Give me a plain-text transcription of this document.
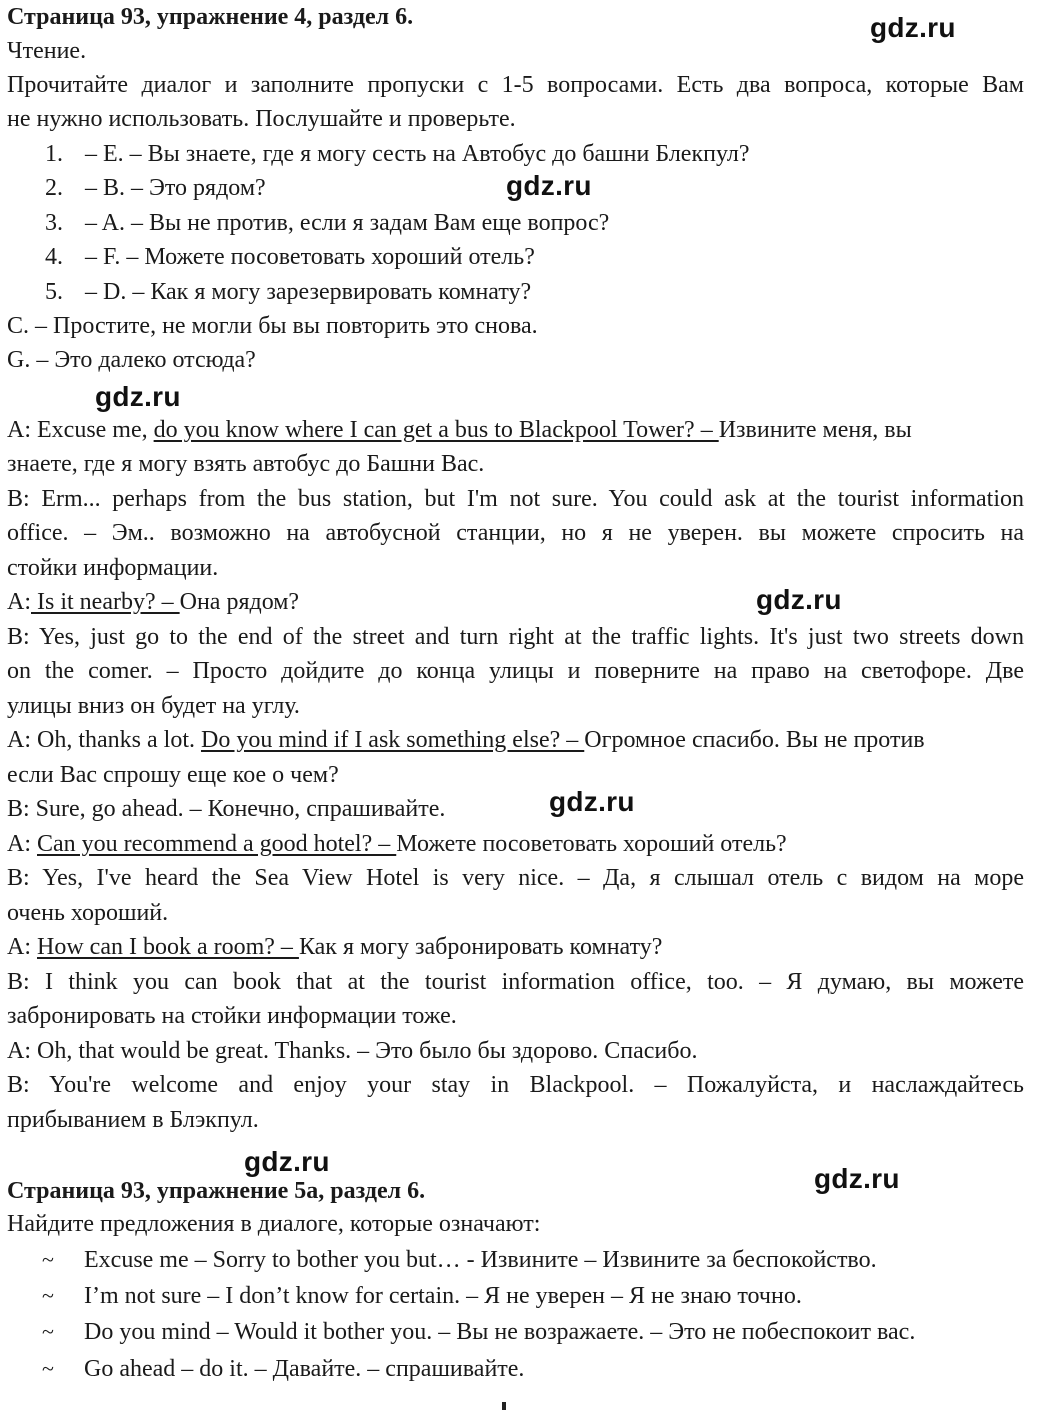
Страница 93, упражнение 4, раздел 6.
Чтение.
Прочитайте диалог и заполните пропуски с 1-5 вопросами. Есть два вопроса, которые Вам
не нужно использовать. Послушайте и проверьте.
1. – E. – Вы знаете, где я могу сесть на Автобус до башни Блекпул?
2. – B. – Это рядом?
3. – A. – Вы не против, если я задам Вам еще вопрос?
4. – F. – Можете посоветовать хороший отель?
5. – D. – Как я могу зарезервировать комнату?
C. – Простите, не могли бы вы повторить это снова.
G. – Это далеко отсюда?
A: Excuse me, do you know where I can get a bus to Blackpool Tower? – Извините меня, вы
знаете, где я могу взять автобус до Башни Вас.
B: Erm... perhaps from the bus station, but I'm not sure. You could ask at the tourist information
office. – Эм.. возможно на автобусной станции, но я не уверен. вы можете спросить на
стойки информации.
A: Is it nearby? – Она рядом?
B: Yes, just go to the end of the street and turn right at the traffic lights. It's just two streets down
on the comer. – Просто дойдите до конца улицы и поверните на право на светофоре. Две
улицы вниз он будет на углу.
A: Oh, thanks a lot. Do you mind if I ask something else? – Огромное спасибо. Вы не против
если Вас спрошу еще кое о чем?
B: Sure, go ahead. – Конечно, спрашивайте.
A: Can you recommend a good hotel? – Можете посоветовать хороший отель?
B: Yes, I've heard the Sea View Hotel is very nice. – Да, я слышал отель с видом на море
очень хороший.
A: How can I book a room? – Как я могу забронировать комнату?
B: I think you can book that at the tourist information office, too. – Я думаю, вы можете
забронировать на стойки информации тоже.
A: Oh, that would be great. Thanks. – Это было бы здорово. Спасибо.
B: You're welcome and enjoy your stay in Blackpool. – Пожалуйста, и наслаждайтесь
прибыванием в Блэкпул.
Страница 93, упражнение 5a, раздел 6.
Найдите предложения в диалоге, которые означают:
~	Excuse me – Sorry to bother you but… - Извините – Извините за беспокойство.
~	I’m not sure – I don’t know for certain. – Я не уверен – Я не знаю точно.
~	Do you mind – Would it bother you. – Вы не возражаете. – Это не побеспокоит вас.
~	Go ahead – do it. – Давайте. – спрашивайте.
gdz.ru
gdz.ru
gdz.ru
gdz.ru
gdz.ru
gdz.ru
gdz.ru
